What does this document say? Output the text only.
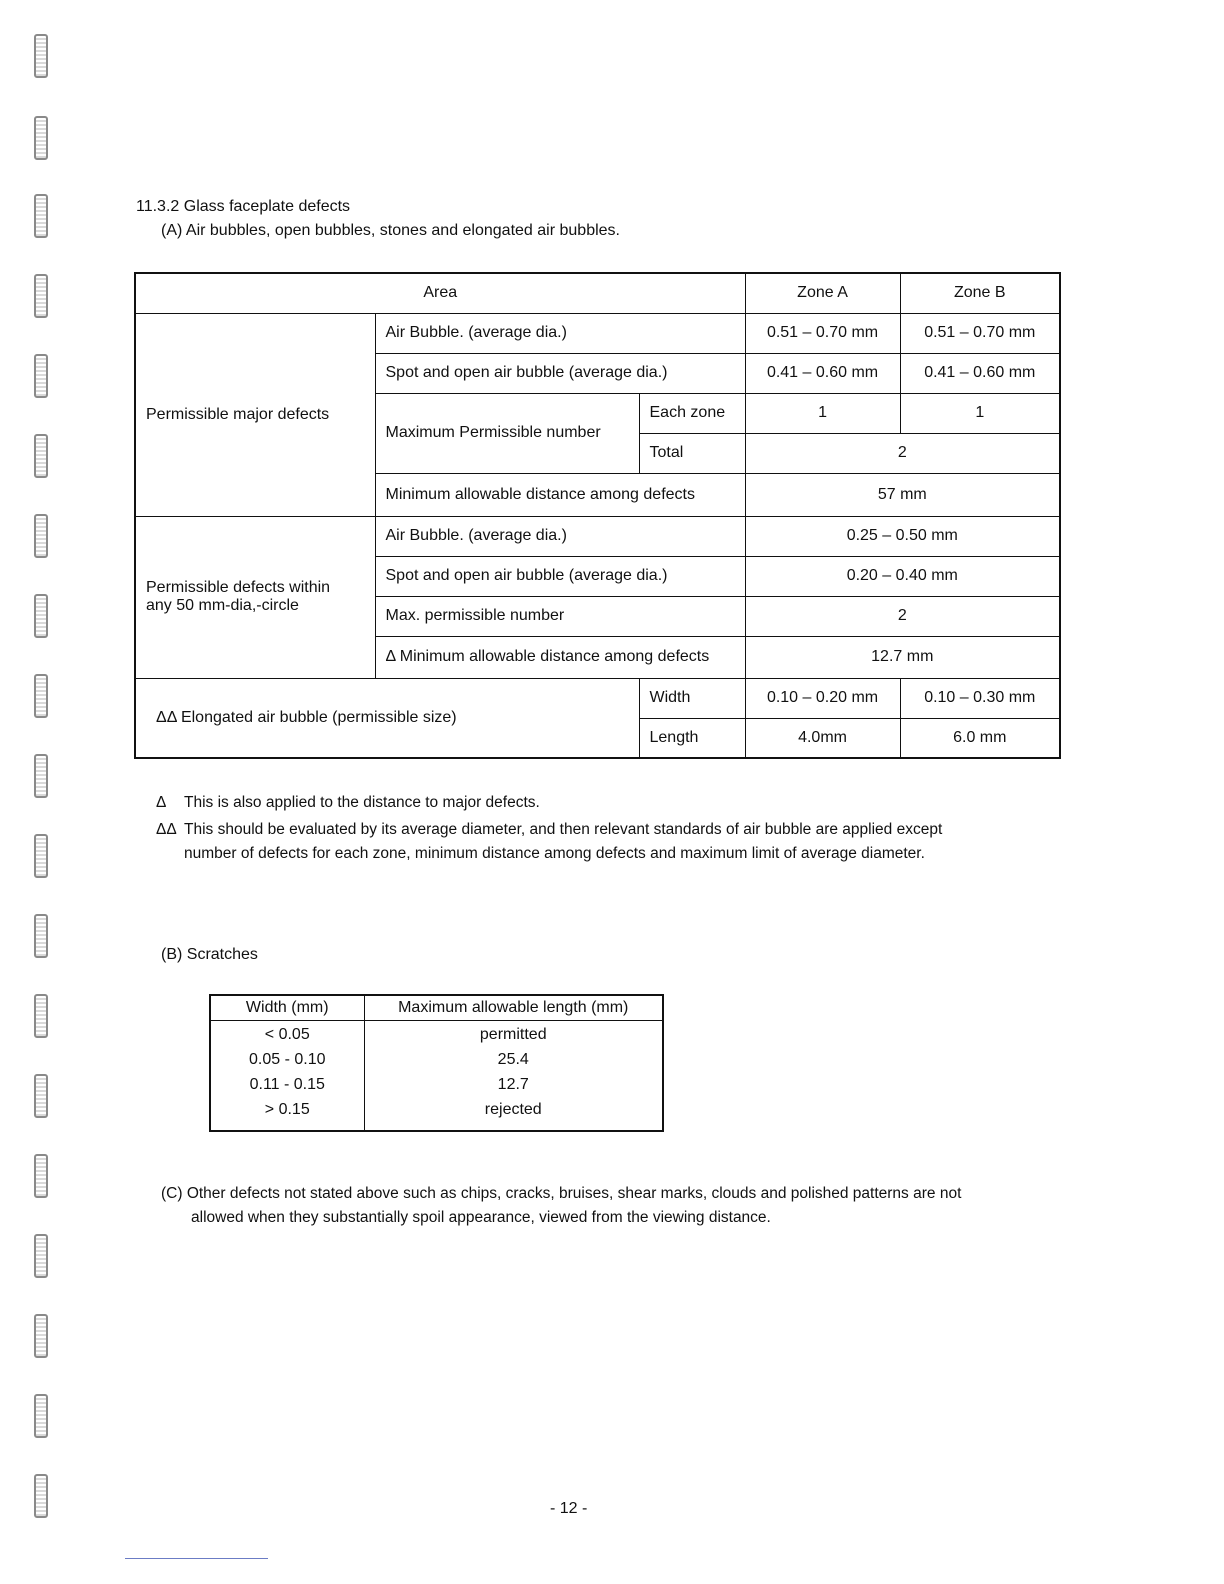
11.3.2 Glass faceplate defects
(A) Air bubbles, open bubbles, stones and elongated air bubbles.
Area			Zone A	Zone B
Permissible major defects	Air Bubble. (average dia.)		0.51 – 0.70 mm	0.51 – 0.70 mm
	Spot and open air bubble (average dia.)		0.41 – 0.60 mm	0.41 – 0.60 mm
	Maximum Permissible number	Each zone	1	1
		Total	2	
	Minimum allowable distance among defects		57 mm	
Permissible defects within
any 50 mm-dia,-circle	Air Bubble. (average dia.)		0.25 – 0.50 mm	
	Spot and open air bubble (average dia.)		0.20 – 0.40 mm	
	Max. permissible number		2	
	Δ Minimum allowable distance among defects		12.7 mm	
ΔΔ Elongated air bubble (permissible size)		Width	0.10 – 0.20 mm	0.10 – 0.30 mm
		Length	4.0mm	6.0 mm
Δ This is also applied to the distance to major defects.
ΔΔ This should be evaluated by its average diameter, and then relevant standards of air bubble are applied except
number of defects for each zone, minimum distance among defects and maximum limit of average diameter.
(B) Scratches
Width (mm)	Maximum allowable length (mm)
< 0.05	permitted
0.05 - 0.10	25.4
0.11 - 0.15	12.7
> 0.15	rejected
(C) Other defects not stated above such as chips, cracks, bruises, shear marks, clouds and polished patterns are not
allowed when they substantially spoil appearance, viewed from the viewing distance.
- 12 -
